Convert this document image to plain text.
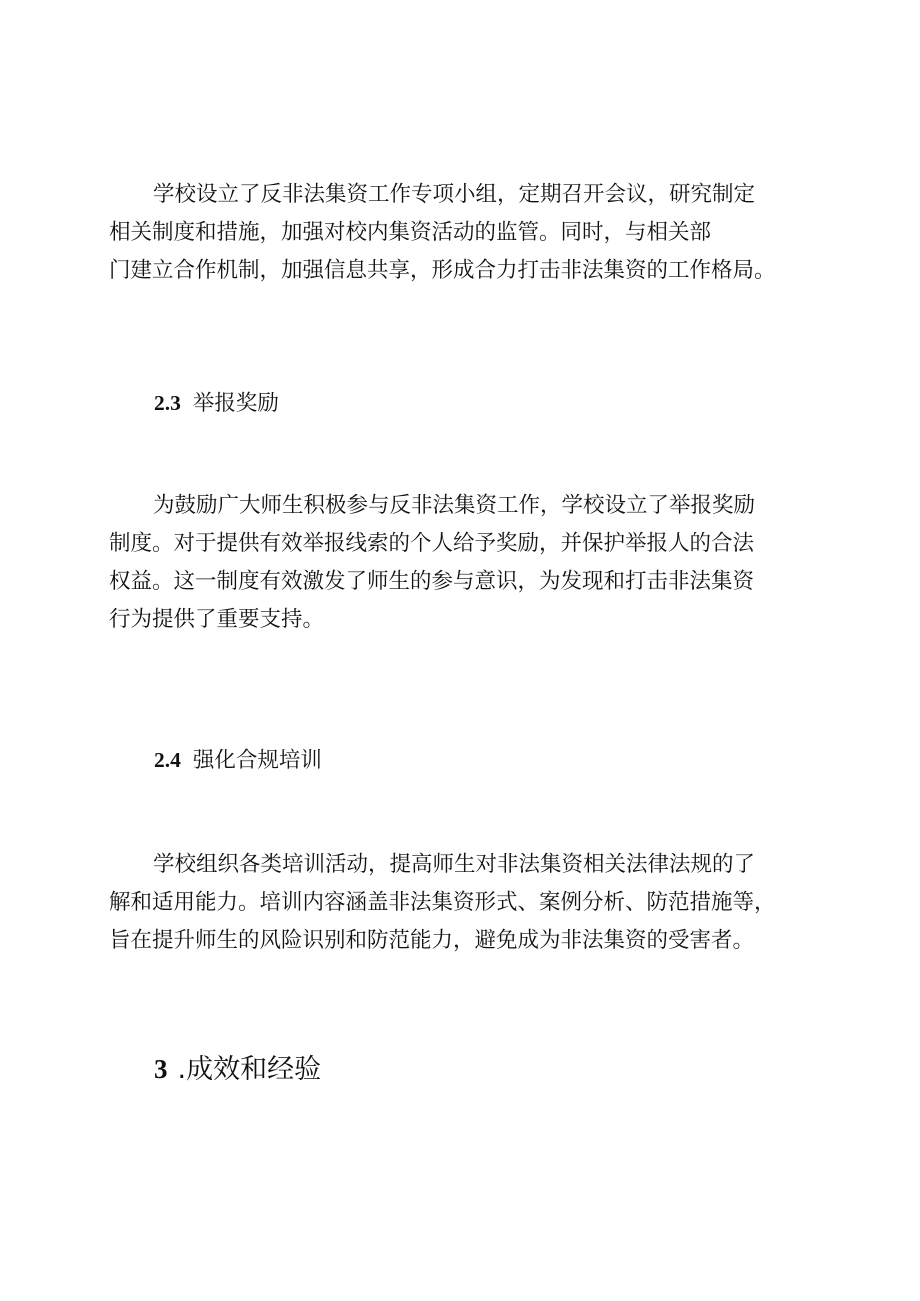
学校设立了反非法集资工作专项小组，定期召开会议，研究制定
相关制度和措施，加强对校内集资活动的监管。同时，与相关部
门建立合作机制，加强信息共享，形成合力打击非法集资的工作格局。

2.3 举报奖励

为鼓励广大师生积极参与反非法集资工作，学校设立了举报奖励
制度。对于提供有效举报线索的个人给予奖励，并保护举报人的合法
权益。这一制度有效激发了师生的参与意识，为发现和打击非法集资
行为提供了重要支持。

2.4 强化合规培训

学校组织各类培训活动，提高师生对非法集资相关法律法规的了
解和适用能力。培训内容涵盖非法集资形式、案例分析、防范措施等，
旨在提升师生的风险识别和防范能力，避免成为非法集资的受害者。

3 .成效和经验
